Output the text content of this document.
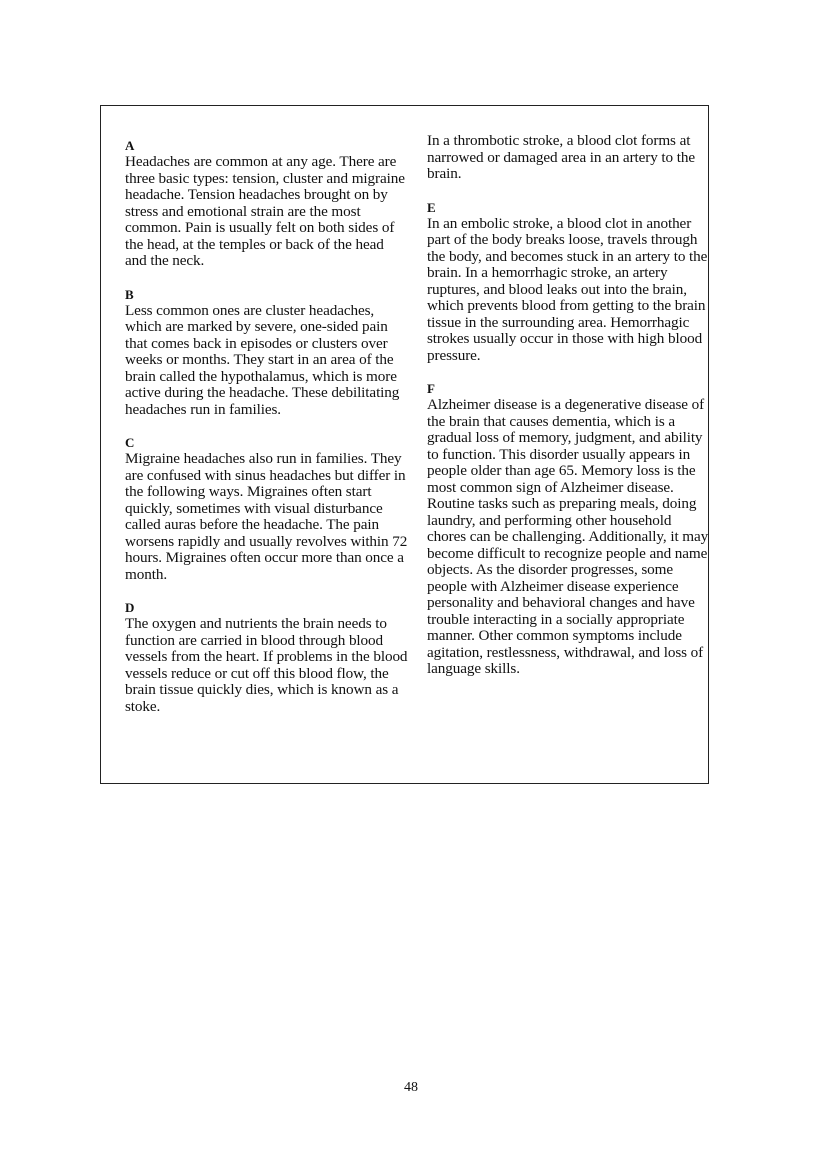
A

Headaches are common at any age. There are three basic types: tension, cluster and migraine headache. Tension headaches brought on by stress and emotional strain are the most common. Pain is usually felt on both sides of the head, at the temples or back of the head and the neck.

B

Less common ones are cluster headaches, which are marked by severe, one-sided pain that comes back in episodes or clusters over weeks or months. They start in an area of the brain called the hypothalamus, which is more active during the headache. These debilitating headaches run in families.

C

Migraine headaches also run in families. They are confused with sinus headaches but differ in the following ways. Migraines often start quickly, sometimes with visual disturbance called auras before the headache. The pain worsens rapidly and usually revolves within 72 hours. Migraines often occur more than once a month.

D

The oxygen and nutrients the brain needs to function are carried in blood through blood vessels from the heart. If problems in the blood vessels reduce or cut off this blood flow, the brain tissue quickly dies, which is known as a stoke.

In a thrombotic stroke, a blood clot forms at narrowed or damaged area in an artery to the brain.

E

In an embolic stroke, a blood clot in another part of the body breaks loose, travels through the body, and becomes stuck in an artery to the brain. In a hemorrhagic stroke, an artery ruptures, and blood leaks out into the brain, which prevents blood from getting to the brain tissue in the surrounding area. Hemorrhagic strokes usually occur in those with high blood pressure.

F

Alzheimer disease is a degenerative disease of the brain that causes dementia, which is a gradual loss of memory, judgment, and ability to function. This disorder usually appears in people older than age 65. Memory loss is the most common sign of Alzheimer disease. Routine tasks such as preparing meals, doing laundry, and performing other household chores can be challenging. Additionally, it may become difficult to recognize people and name objects. As the disorder progresses, some people with Alzheimer disease experience personality and behavioral changes and have trouble interacting in a socially appropriate manner. Other common symptoms include agitation, restlessness, withdrawal, and loss of language skills.

48
